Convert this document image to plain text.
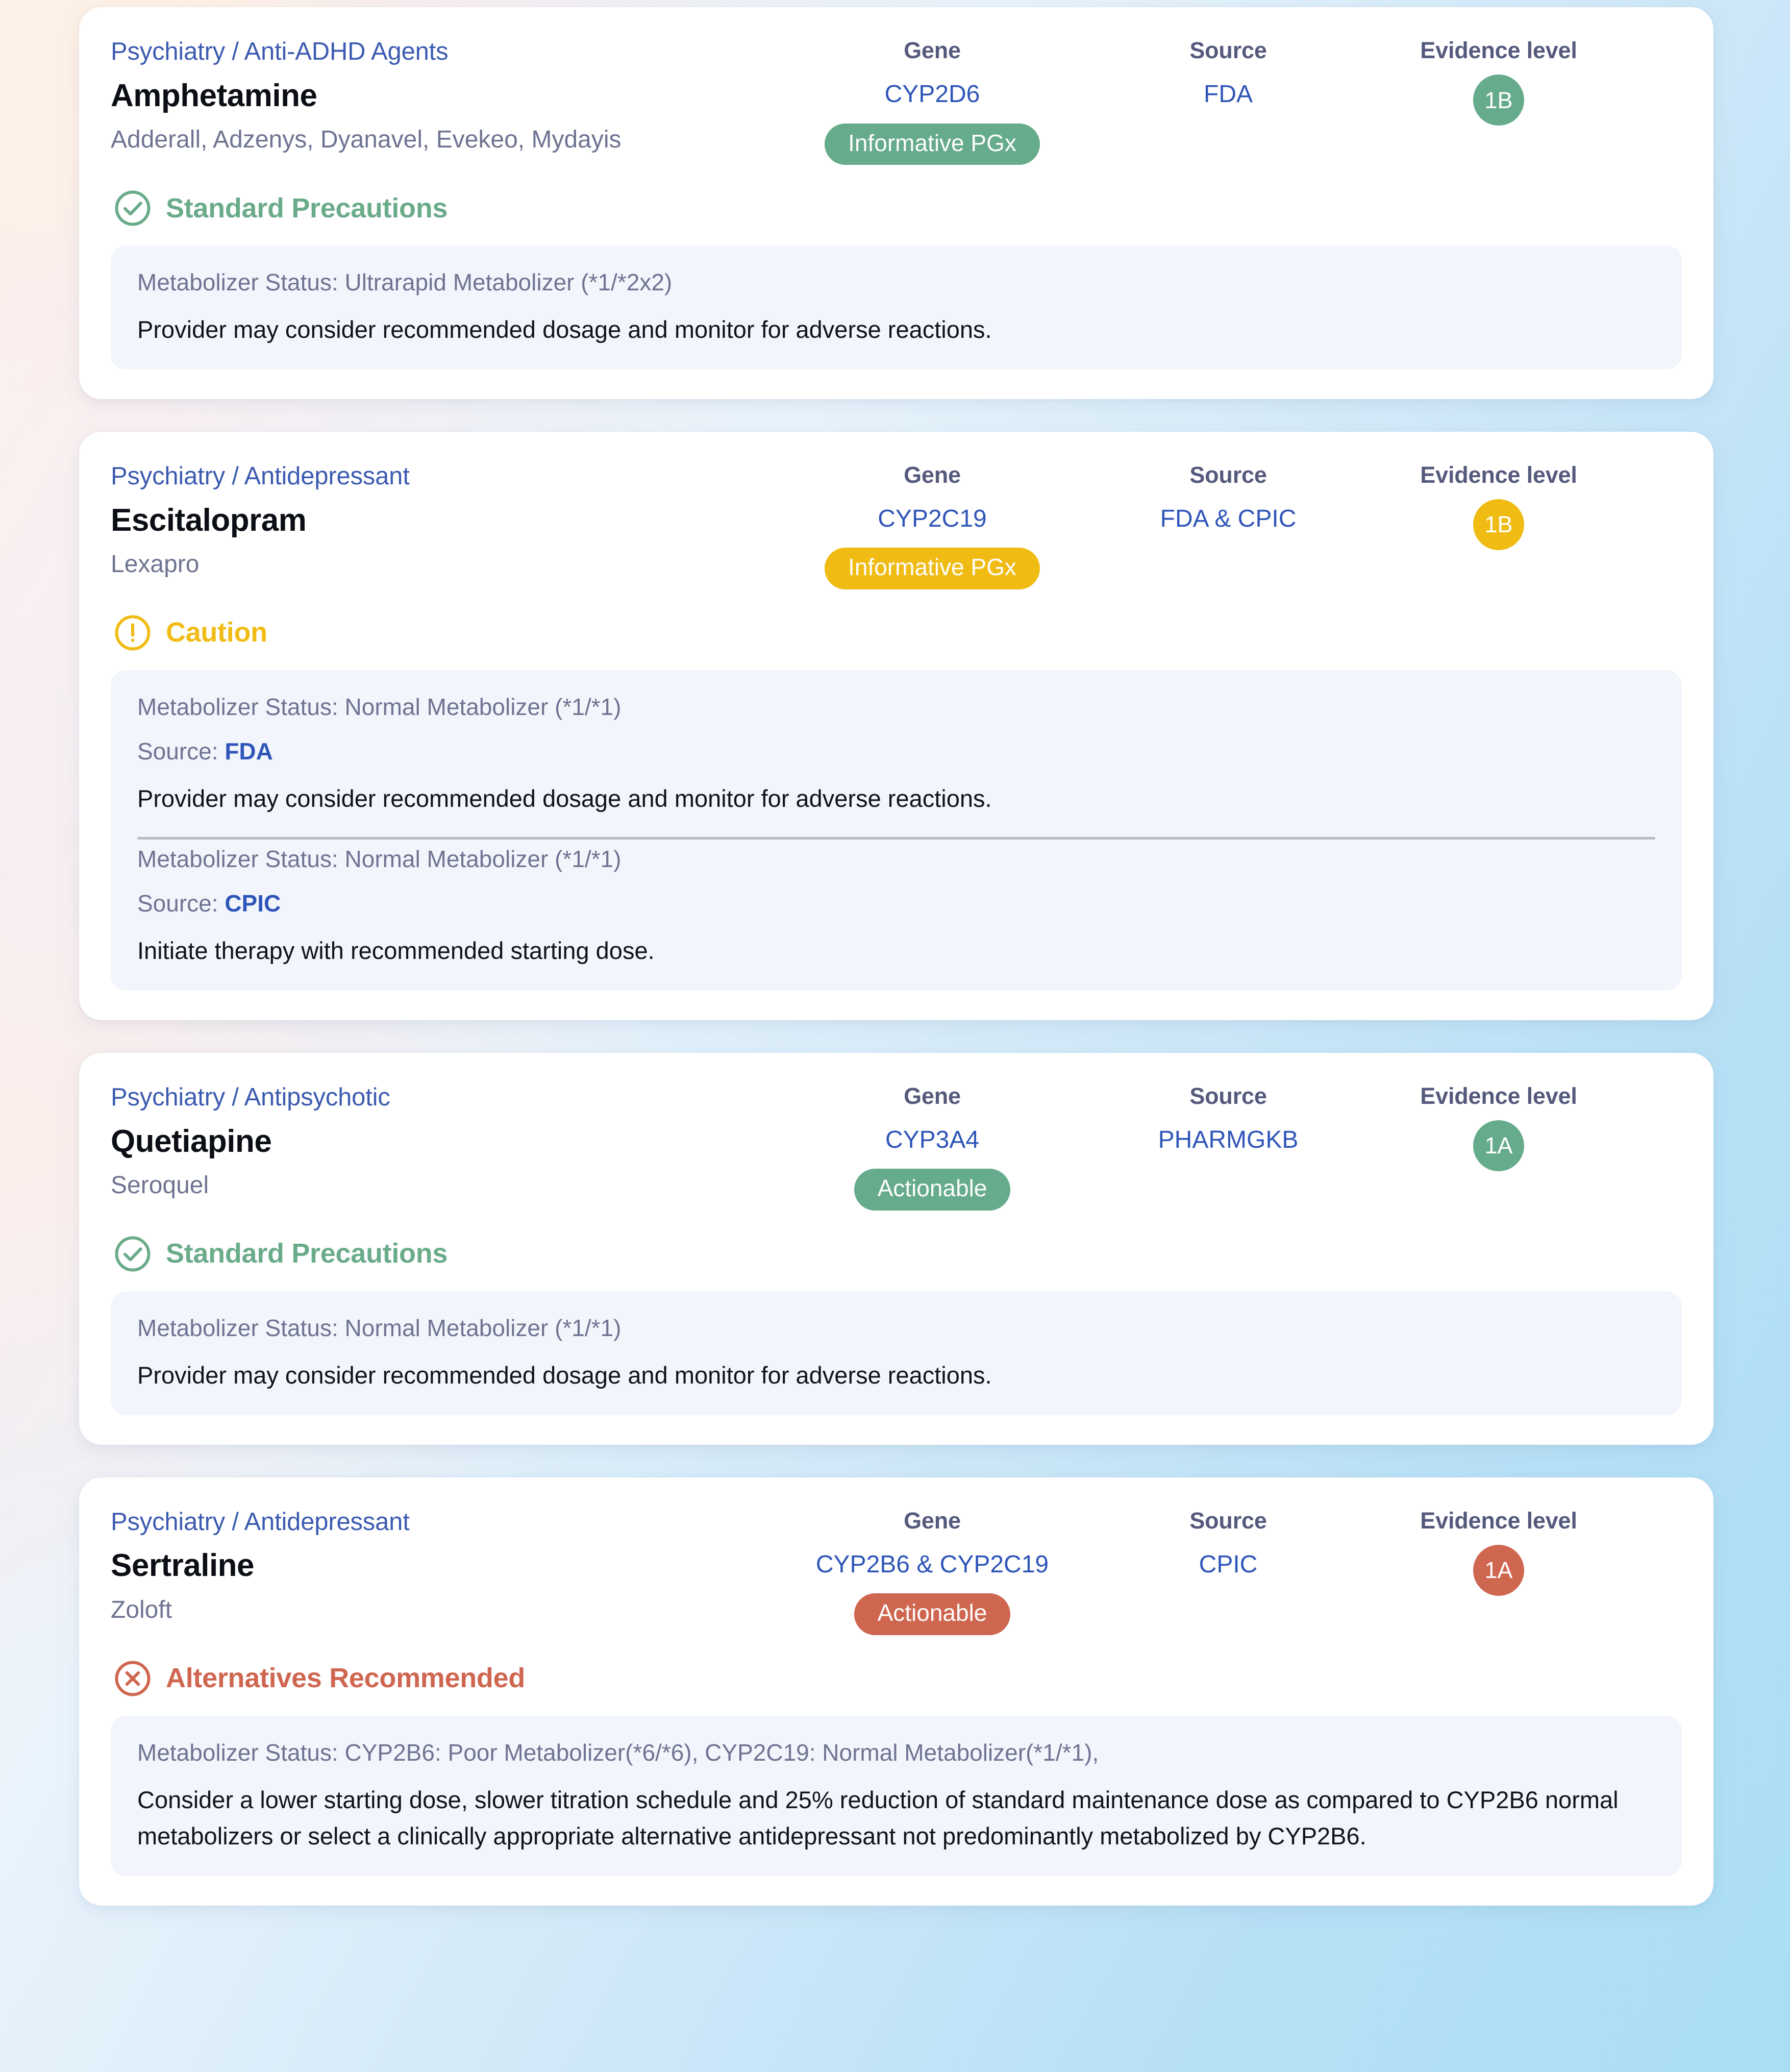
Psychiatry / Anti-ADHD Agents
Amphetamine
Adderall, Adzenys, Dyanavel, Evekeo, Mydayis
Gene
CYP2D6
Informative PGx
Source
FDA
Evidence level
1B
Standard Precautions
Metabolizer Status: Ultrarapid Metabolizer (*1/*2x2)
Provider may consider recommended dosage and monitor for adverse reactions.
Psychiatry / Antidepressant
Escitalopram
Lexapro
Gene
CYP2C19
Informative PGx
Source
FDA & CPIC
Evidence level
1B
Caution
Metabolizer Status: Normal Metabolizer (*1/*1)
Source: FDA
Provider may consider recommended dosage and monitor for adverse reactions.
Metabolizer Status: Normal Metabolizer (*1/*1)
Source: CPIC
Initiate therapy with recommended starting dose.
Psychiatry / Antipsychotic
Quetiapine
Seroquel
Gene
CYP3A4
Actionable
Source
PHARMGKB
Evidence level
1A
Standard Precautions
Metabolizer Status: Normal Metabolizer (*1/*1)
Provider may consider recommended dosage and monitor for adverse reactions.
Psychiatry / Antidepressant
Sertraline
Zoloft
Gene
CYP2B6 & CYP2C19
Actionable
Source
CPIC
Evidence level
1A
Alternatives Recommended
Metabolizer Status: CYP2B6: Poor Metabolizer(*6/*6), CYP2C19: Normal Metabolizer(*1/*1),
Consider a lower starting dose, slower titration schedule and 25% reduction of standard maintenance dose as compared to CYP2B6 normal metabolizers or select a clinically appropriate alternative antidepressant not predominantly metabolized by CYP2B6.
